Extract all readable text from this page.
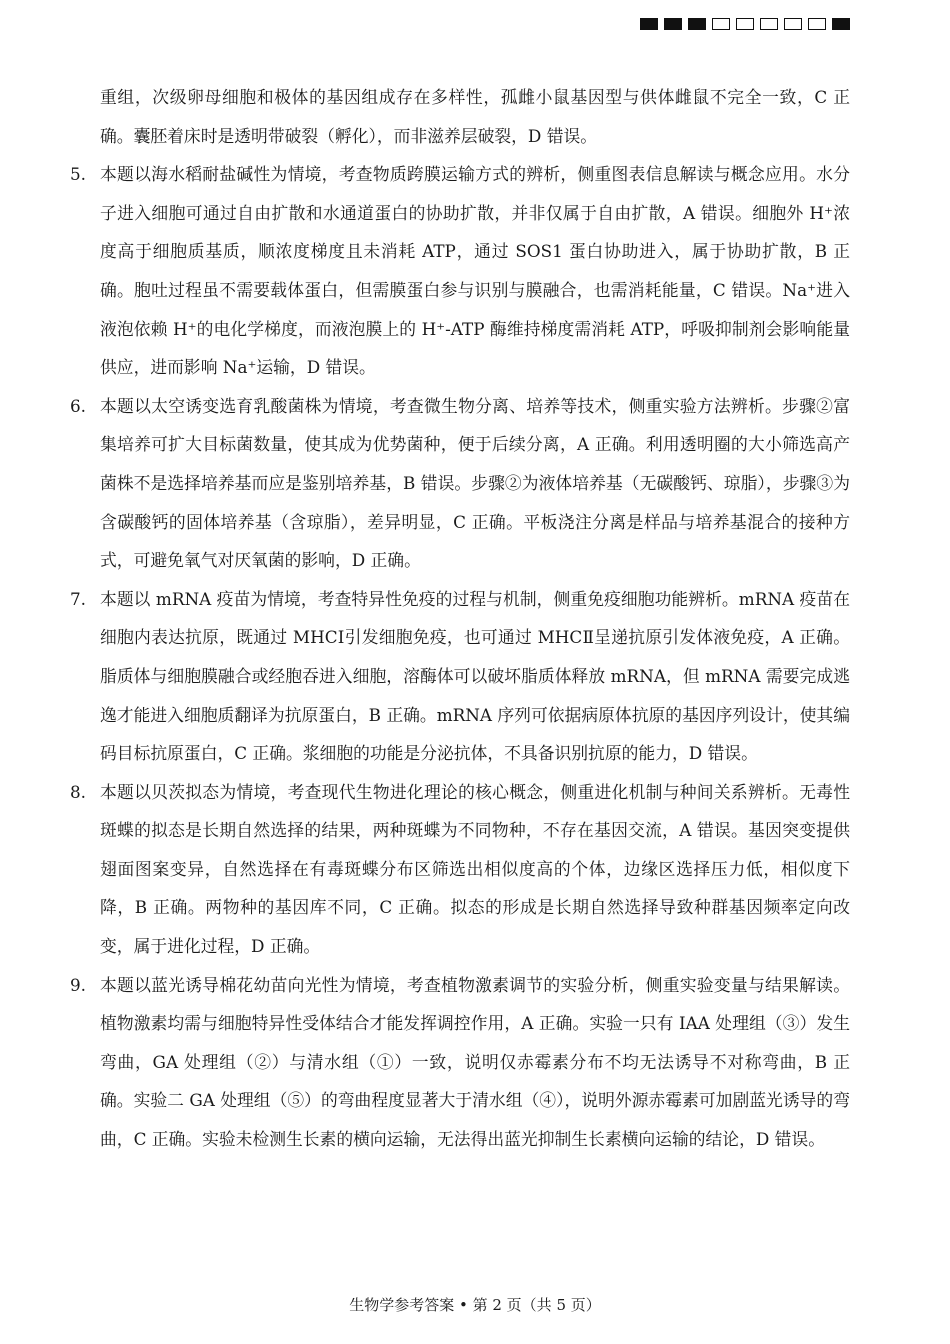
重组，次级卵母细胞和极体的基因组成存在多样性，孤雌小鼠基因型与供体雌鼠不完全一致，C 正确。囊胚着床时是透明带破裂（孵化），而非滋养层破裂，D 错误。

5. 本题以海水稻耐盐碱性为情境，考查物质跨膜运输方式的辨析，侧重图表信息解读与概念应用。水分子进入细胞可通过自由扩散和水通道蛋白的协助扩散，并非仅属于自由扩散，A 错误。细胞外 H⁺浓度高于细胞质基质，顺浓度梯度且未消耗 ATP，通过 SOS1 蛋白协助进入，属于协助扩散，B 正确。胞吐过程虽不需要载体蛋白，但需膜蛋白参与识别与膜融合，也需消耗能量，C 错误。Na⁺进入液泡依赖 H⁺的电化学梯度，而液泡膜上的 H⁺-ATP 酶维持梯度需消耗 ATP，呼吸抑制剂会影响能量供应，进而影响 Na⁺运输，D 错误。
6. 本题以太空诱变选育乳酸菌株为情境，考查微生物分离、培养等技术，侧重实验方法辨析。步骤②富集培养可扩大目标菌数量，使其成为优势菌种，便于后续分离，A 正确。利用透明圈的大小筛选高产菌株不是选择培养基而应是鉴别培养基，B 错误。步骤②为液体培养基（无碳酸钙、琼脂），步骤③为含碳酸钙的固体培养基（含琼脂），差异明显，C 正确。平板浇注分离是样品与培养基混合的接种方式，可避免氧气对厌氧菌的影响，D 正确。
7. 本题以 mRNA 疫苗为情境，考查特异性免疫的过程与机制，侧重免疫细胞功能辨析。mRNA 疫苗在细胞内表达抗原，既通过 MHCⅠ引发细胞免疫，也可通过 MHCⅡ呈递抗原引发体液免疫，A 正确。脂质体与细胞膜融合或经胞吞进入细胞，溶酶体可以破坏脂质体释放 mRNA，但 mRNA 需要完成逃逸才能进入细胞质翻译为抗原蛋白，B 正确。mRNA 序列可依据病原体抗原的基因序列设计，使其编码目标抗原蛋白，C 正确。浆细胞的功能是分泌抗体，不具备识别抗原的能力，D 错误。
8. 本题以贝茨拟态为情境，考查现代生物进化理论的核心概念，侧重进化机制与种间关系辨析。无毒性斑蝶的拟态是长期自然选择的结果，两种斑蝶为不同物种，不存在基因交流，A 错误。基因突变提供翅面图案变异，自然选择在有毒斑蝶分布区筛选出相似度高的个体，边缘区选择压力低，相似度下降，B 正确。两物种的基因库不同，C 正确。拟态的形成是长期自然选择导致种群基因频率定向改变，属于进化过程，D 正确。
9. 本题以蓝光诱导棉花幼苗向光性为情境，考查植物激素调节的实验分析，侧重实验变量与结果解读。植物激素均需与细胞特异性受体结合才能发挥调控作用，A 正确。实验一只有 IAA 处理组（③）发生弯曲，GA 处理组（②）与清水组（①）一致，说明仅赤霉素分布不均无法诱导不对称弯曲，B 正确。实验二 GA 处理组（⑤）的弯曲程度显著大于清水组（④），说明外源赤霉素可加剧蓝光诱导的弯曲，C 正确。实验未检测生长素的横向运输，无法得出蓝光抑制生长素横向运输的结论，D 错误。
生物学参考答案 • 第 2 页（共 5 页）
